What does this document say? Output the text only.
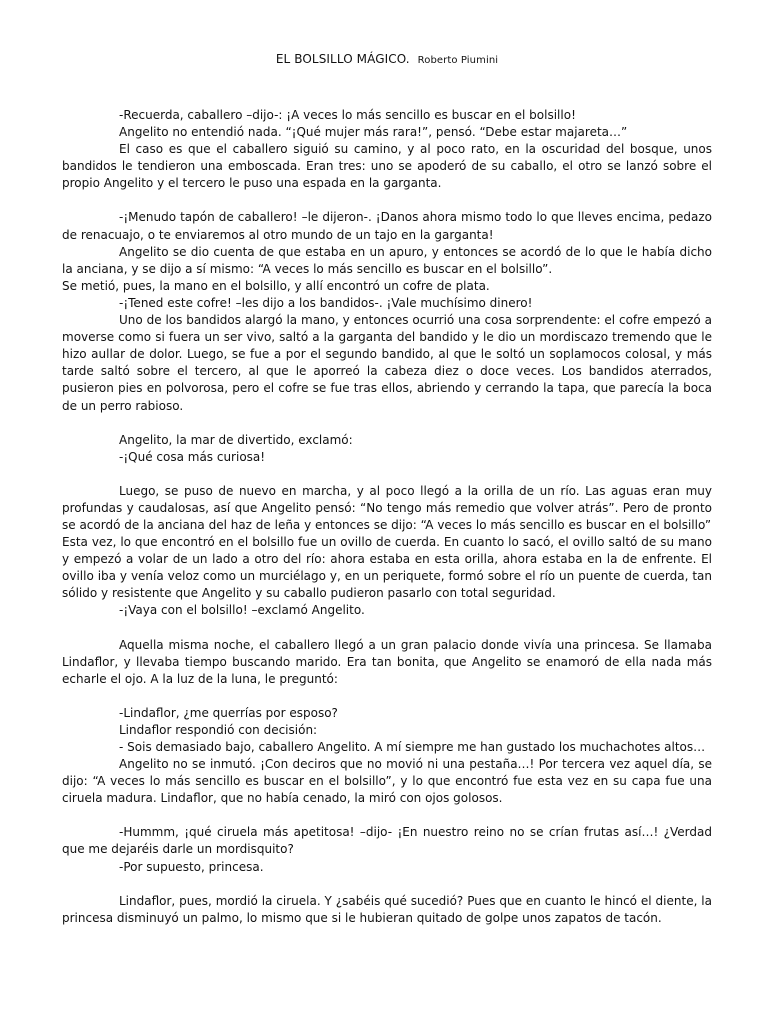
EL BOLSILLO MÁGICO. Roberto Piumini

-Recuerda, caballero –dijo-: ¡A veces lo más sencillo es buscar en el bolsillo!

Angelito no entendió nada. “¡Qué mujer más rara!”, pensó. “Debe estar majareta…”

El caso es que el caballero siguió su camino, y al poco rato, en la oscuridad del bosque, unos bandidos le tendieron una emboscada. Eran tres: uno se apoderó de su caballo, el otro se lanzó sobre el propio Angelito y el tercero le puso una espada en la garganta.

-¡Menudo tapón de caballero! –le dijeron-. ¡Danos ahora mismo todo lo que lleves encima, pedazo de renacuajo, o te enviaremos al otro mundo de un tajo en la garganta!

Angelito se dio cuenta de que estaba en un apuro, y entonces se acordó de lo que le había dicho la anciana, y se dijo a sí mismo: “A veces lo más sencillo es buscar en el bolsillo”.

Se metió, pues, la mano en el bolsillo, y allí encontró un cofre de plata.

-¡Tened este cofre! –les dijo a los bandidos-. ¡Vale muchísimo dinero!

Uno de los bandidos alargó la mano, y entonces ocurrió una cosa sorprendente: el cofre empezó a moverse como si fuera un ser vivo, saltó a la garganta del bandido y le dio un mordiscazo tremendo que le hizo aullar de dolor. Luego, se fue a por el segundo bandido, al que le soltó un soplamocos colosal, y más tarde saltó sobre el tercero, al que le aporreó la cabeza diez o doce veces. Los bandidos aterrados, pusieron pies en polvorosa, pero el cofre se fue tras ellos, abriendo y cerrando la tapa, que parecía la boca de un perro rabioso.

Angelito, la mar de divertido, exclamó:

-¡Qué cosa más curiosa!

Luego, se puso de nuevo en marcha, y al poco llegó a la orilla de un río. Las aguas eran muy profundas y caudalosas, así que Angelito pensó: “No tengo más remedio que volver atrás”. Pero de pronto se acordó de la anciana del haz de leña y entonces se dijo: “A veces lo más sencillo es buscar en el bolsillo”

Esta vez, lo que encontró en el bolsillo fue un ovillo de cuerda. En cuanto lo sacó, el ovillo saltó de su mano y empezó a volar de un lado a otro del río: ahora estaba en esta orilla, ahora estaba en la de enfrente. El ovillo iba y venía veloz como un murciélago y, en un periquete, formó sobre el río un puente de cuerda, tan sólido y resistente que Angelito y su caballo pudieron pasarlo con total seguridad.

-¡Vaya con el bolsillo! –exclamó Angelito.

Aquella misma noche, el caballero llegó a un gran palacio donde vivía una princesa. Se llamaba Lindaflor, y llevaba tiempo buscando marido. Era tan bonita, que Angelito se enamoró de ella nada más echarle el ojo. A la luz de la luna, le preguntó:

-Lindaflor, ¿me querrías por esposo?

Lindaflor respondió con decisión:

- Sois demasiado bajo, caballero Angelito. A mí siempre me han gustado los muchachotes altos…

Angelito no se inmutó. ¡Con deciros que no movió ni una pestaña…! Por tercera vez aquel día, se dijo: “A veces lo más sencillo es buscar en el bolsillo”, y lo que encontró fue esta vez en su capa fue una ciruela madura. Lindaflor, que no había cenado, la miró con ojos golosos.

-Hummm, ¡qué ciruela más apetitosa! –dijo- ¡En nuestro reino no se crían frutas así…! ¿Verdad que me dejaréis darle un mordisquito?

-Por supuesto, princesa.

Lindaflor, pues, mordió la ciruela. Y ¿sabéis qué sucedió? Pues que en cuanto le hincó el diente, la princesa disminuyó un palmo, lo mismo que si le hubieran quitado de golpe unos zapatos de tacón.
